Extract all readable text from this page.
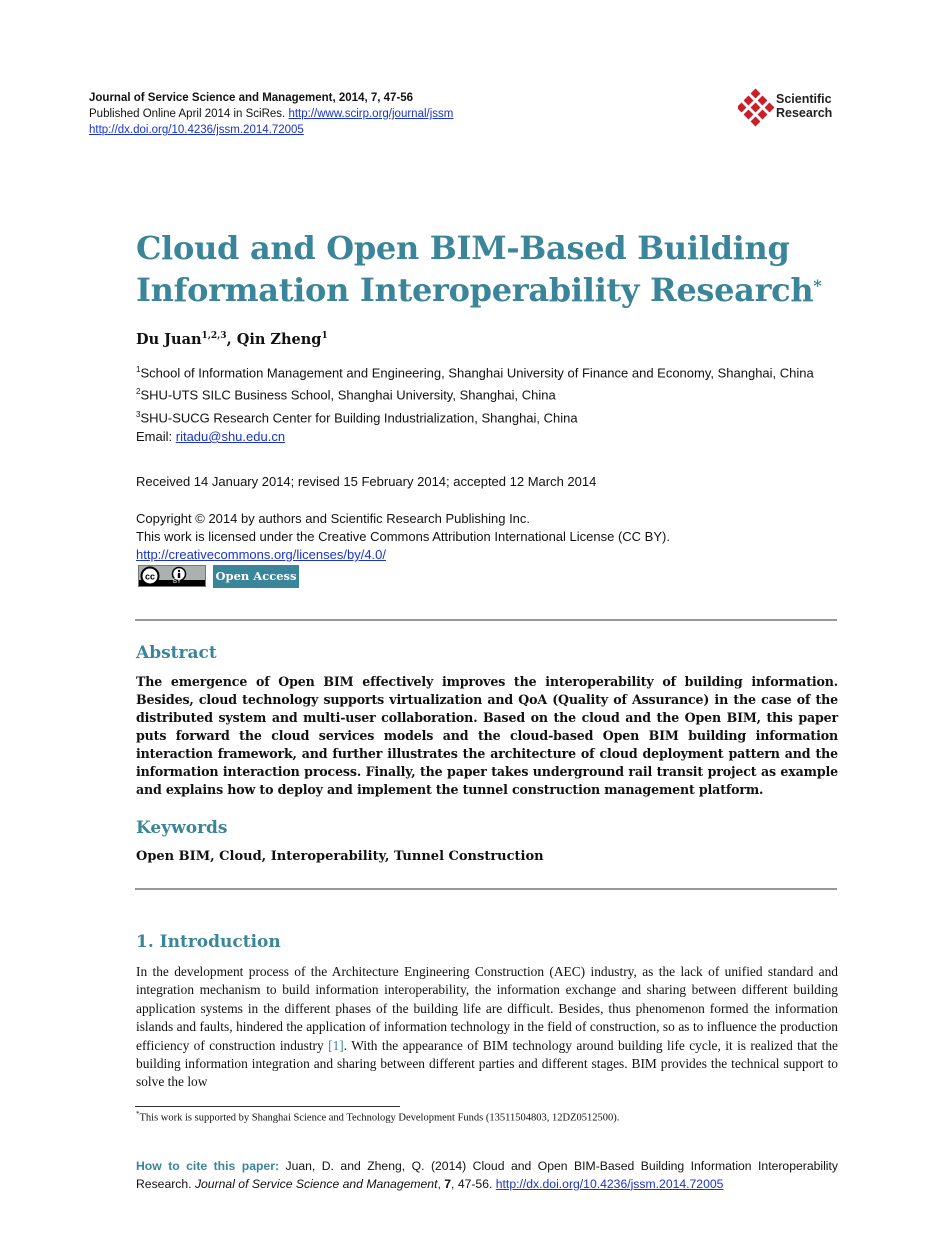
Journal of Service Science and Management, 2014, 7, 47-56
Published Online April 2014 in SciRes. http://www.scirp.org/journal/jssm
http://dx.doi.org/10.4236/jssm.2014.72005
Scientific
Research
Cloud and Open BIM-Based Building
Information Interoperability Research*
Du Juan$^{1,2,3}$, Qin Zheng$^1$
$^1$School of Information Management and Engineering, Shanghai University of Finance and Economy, Shanghai, China
$^2$SHU-UTS SILC Business School, Shanghai University, Shanghai, China
$^3$SHU-SUCG Research Center for Building Industrialization, Shanghai, China
Email: ritadu@shu.edu.cn
Received 14 January 2014; revised 15 February 2014; accepted 12 March 2014
Copyright © 2014 by authors and Scientific Research Publishing Inc.
This work is licensed under the Creative Commons Attribution International License (CC BY).
http://creativecommons.org/licenses/by/4.0/
cc
BY	Open Access
Abstract
The emergence of Open BIM effectively improves the interoperability of building information. Besides, cloud technology supports virtualization and QoA (Quality of Assurance) in the case of the distributed system and multi-user collaboration. Based on the cloud and the Open BIM, this paper puts forward the cloud services models and the cloud-based Open BIM building information interaction framework, and further illustrates the architecture of cloud deployment pattern and the information interaction process. Finally, the paper takes underground rail transit project as example and explains how to deploy and implement the tunnel construction management platform.
Keywords
Open BIM, Cloud, Interoperability, Tunnel Construction
1. Introduction
In the development process of the Architecture Engineering Construction (AEC) industry, as the lack of unified standard and integration mechanism to build information interoperability, the information exchange and sharing between different building application systems in the different phases of the building life are difficult. Besides, thus phenomenon formed the information islands and faults, hindered the application of information technology in the field of construction, so as to influence the production efficiency of construction industry [1]. With the appearance of BIM technology around building life cycle, it is realized that the building information integration and sharing between different parties and different stages. BIM provides the technical support to solve the low
*This work is supported by Shanghai Science and Technology Development Funds (13511504803, 12DZ0512500).
How to cite this paper: Juan, D. and Zheng, Q. (2014) Cloud and Open BIM-Based Building Information Interoperability Research. Journal of Service Science and Management, 7, 47-56. http://dx.doi.org/10.4236/jssm.2014.72005
